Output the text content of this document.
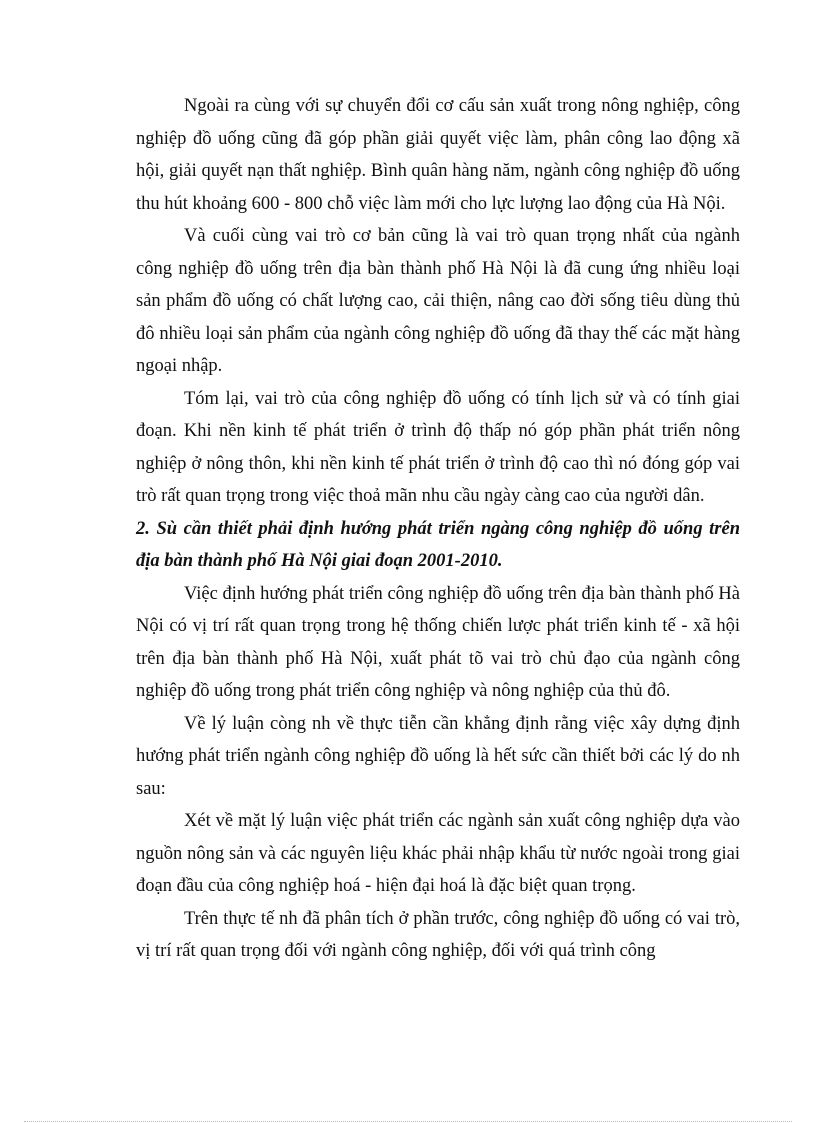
Ngoài ra cùng với sự chuyển đổi cơ cấu sản xuất trong nông nghiệp, công nghiệp đồ uống cũng đã góp phần giải quyết việc làm, phân công lao động xã hội, giải quyết nạn thất nghiệp. Bình quân hàng năm, ngành công nghiệp đồ uống thu hút khoảng 600 - 800 chỗ việc làm mới cho lực lượng lao động của Hà Nội.

Và cuối cùng vai trò cơ bản cũng là vai trò quan trọng nhất của ngành công nghiệp đồ uống trên địa bàn thành phố Hà Nội là đã cung ứng nhiều loại sản phẩm đồ uống có chất lượng cao, cải thiện, nâng cao đời sống tiêu dùng thủ đô nhiều loại sản phẩm của ngành công nghiệp đồ uống đã thay thế các mặt hàng ngoại nhập.

Tóm lại, vai trò của công nghiệp đồ uống có tính lịch sử và có tính giai đoạn. Khi nền kinh tế phát triển ở trình độ thấp nó góp phần phát triển nông nghiệp ở nông thôn, khi nền kinh tế phát triển ở trình độ cao thì nó đóng góp vai trò rất quan trọng trong việc thoả mãn nhu cầu ngày càng cao của người dân.

2. Sù cần thiết phải định hướng phát triển ngàng công nghiệp đồ uống trên địa bàn thành phố Hà Nội giai đoạn 2001-2010.

Việc định hướng phát triển công nghiệp đồ uống trên địa bàn thành phố Hà Nội có vị trí rất quan trọng trong hệ thống chiến lược phát triển kinh tế - xã hội trên địa bàn thành phố Hà Nội, xuất phát tõ vai trò chủ đạo của ngành công nghiệp đồ uống trong phát triển công nghiệp và nông nghiệp của thủ đô.

Về lý luận còng nh về thực tiễn cần khẳng định rằng việc xây dựng định hướng phát triển ngành công nghiệp đồ uống là hết sức cần thiết bởi các lý do nh sau:

Xét về mặt lý luận việc phát triển các ngành sản xuất công nghiệp dựa vào nguồn nông sản và các nguyên liệu khác phải nhập khẩu từ nước ngoài trong giai đoạn đầu của công nghiệp hoá - hiện đại hoá là đặc biệt quan trọng.

Trên thực tế nh đã phân tích ở phần trước, công nghiệp đồ uống có vai trò, vị trí rất quan trọng đối với ngành công nghiệp, đối với quá trình công
